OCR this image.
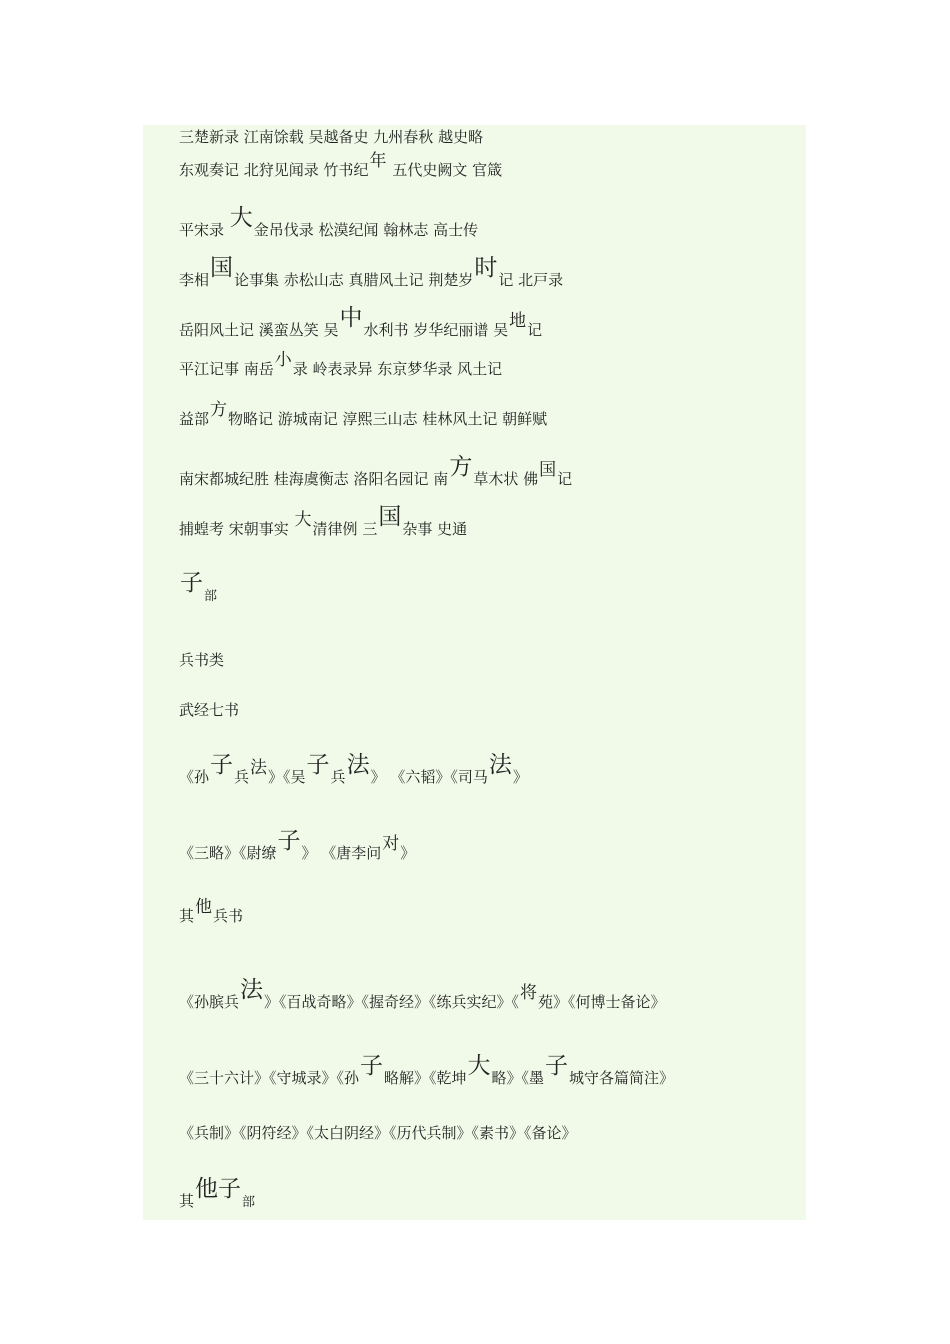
三楚新录 江南馀载 吴越备史 九州春秋 越史略
东观奏记 北狩见闻录 竹书纪年 五代史阙文 官箴
平宋录 大金吊伐录 松漠纪闻 翰林志 高士传
李相国论事集 赤松山志 真腊风土记 荆楚岁时记 北戸录
岳阳风土记 溪蛮丛笑 吴中水利书 岁华纪丽谱 吴地记
平江记事 南岳小录 岭表录异 东京梦华录 风土记
益部方物略记 游城南记 淳熙三山志 桂林风土记 朝鲜赋
南宋都城纪胜 桂海虞衡志 洛阳名园记 南方草木状 佛国记
捕蝗考 宋朝事实 大清律例 三国杂事 史通
子部
兵书类
武经七书
《孙子兵法》《吴子兵法》 《六韬》《司马法》
《三略》《尉缭子》 《唐李问对》
其他兵书
《孙膑兵法》《百战奇略》《握奇经》《练兵实纪》《将苑》《何博士备论》
《三十六计》《守城录》《孙子略解》《乾坤大略》《墨子城守各篇简注》
《兵制》《阴符经》《太白阴经》《历代兵制》《素书》《备论》
其他子部
